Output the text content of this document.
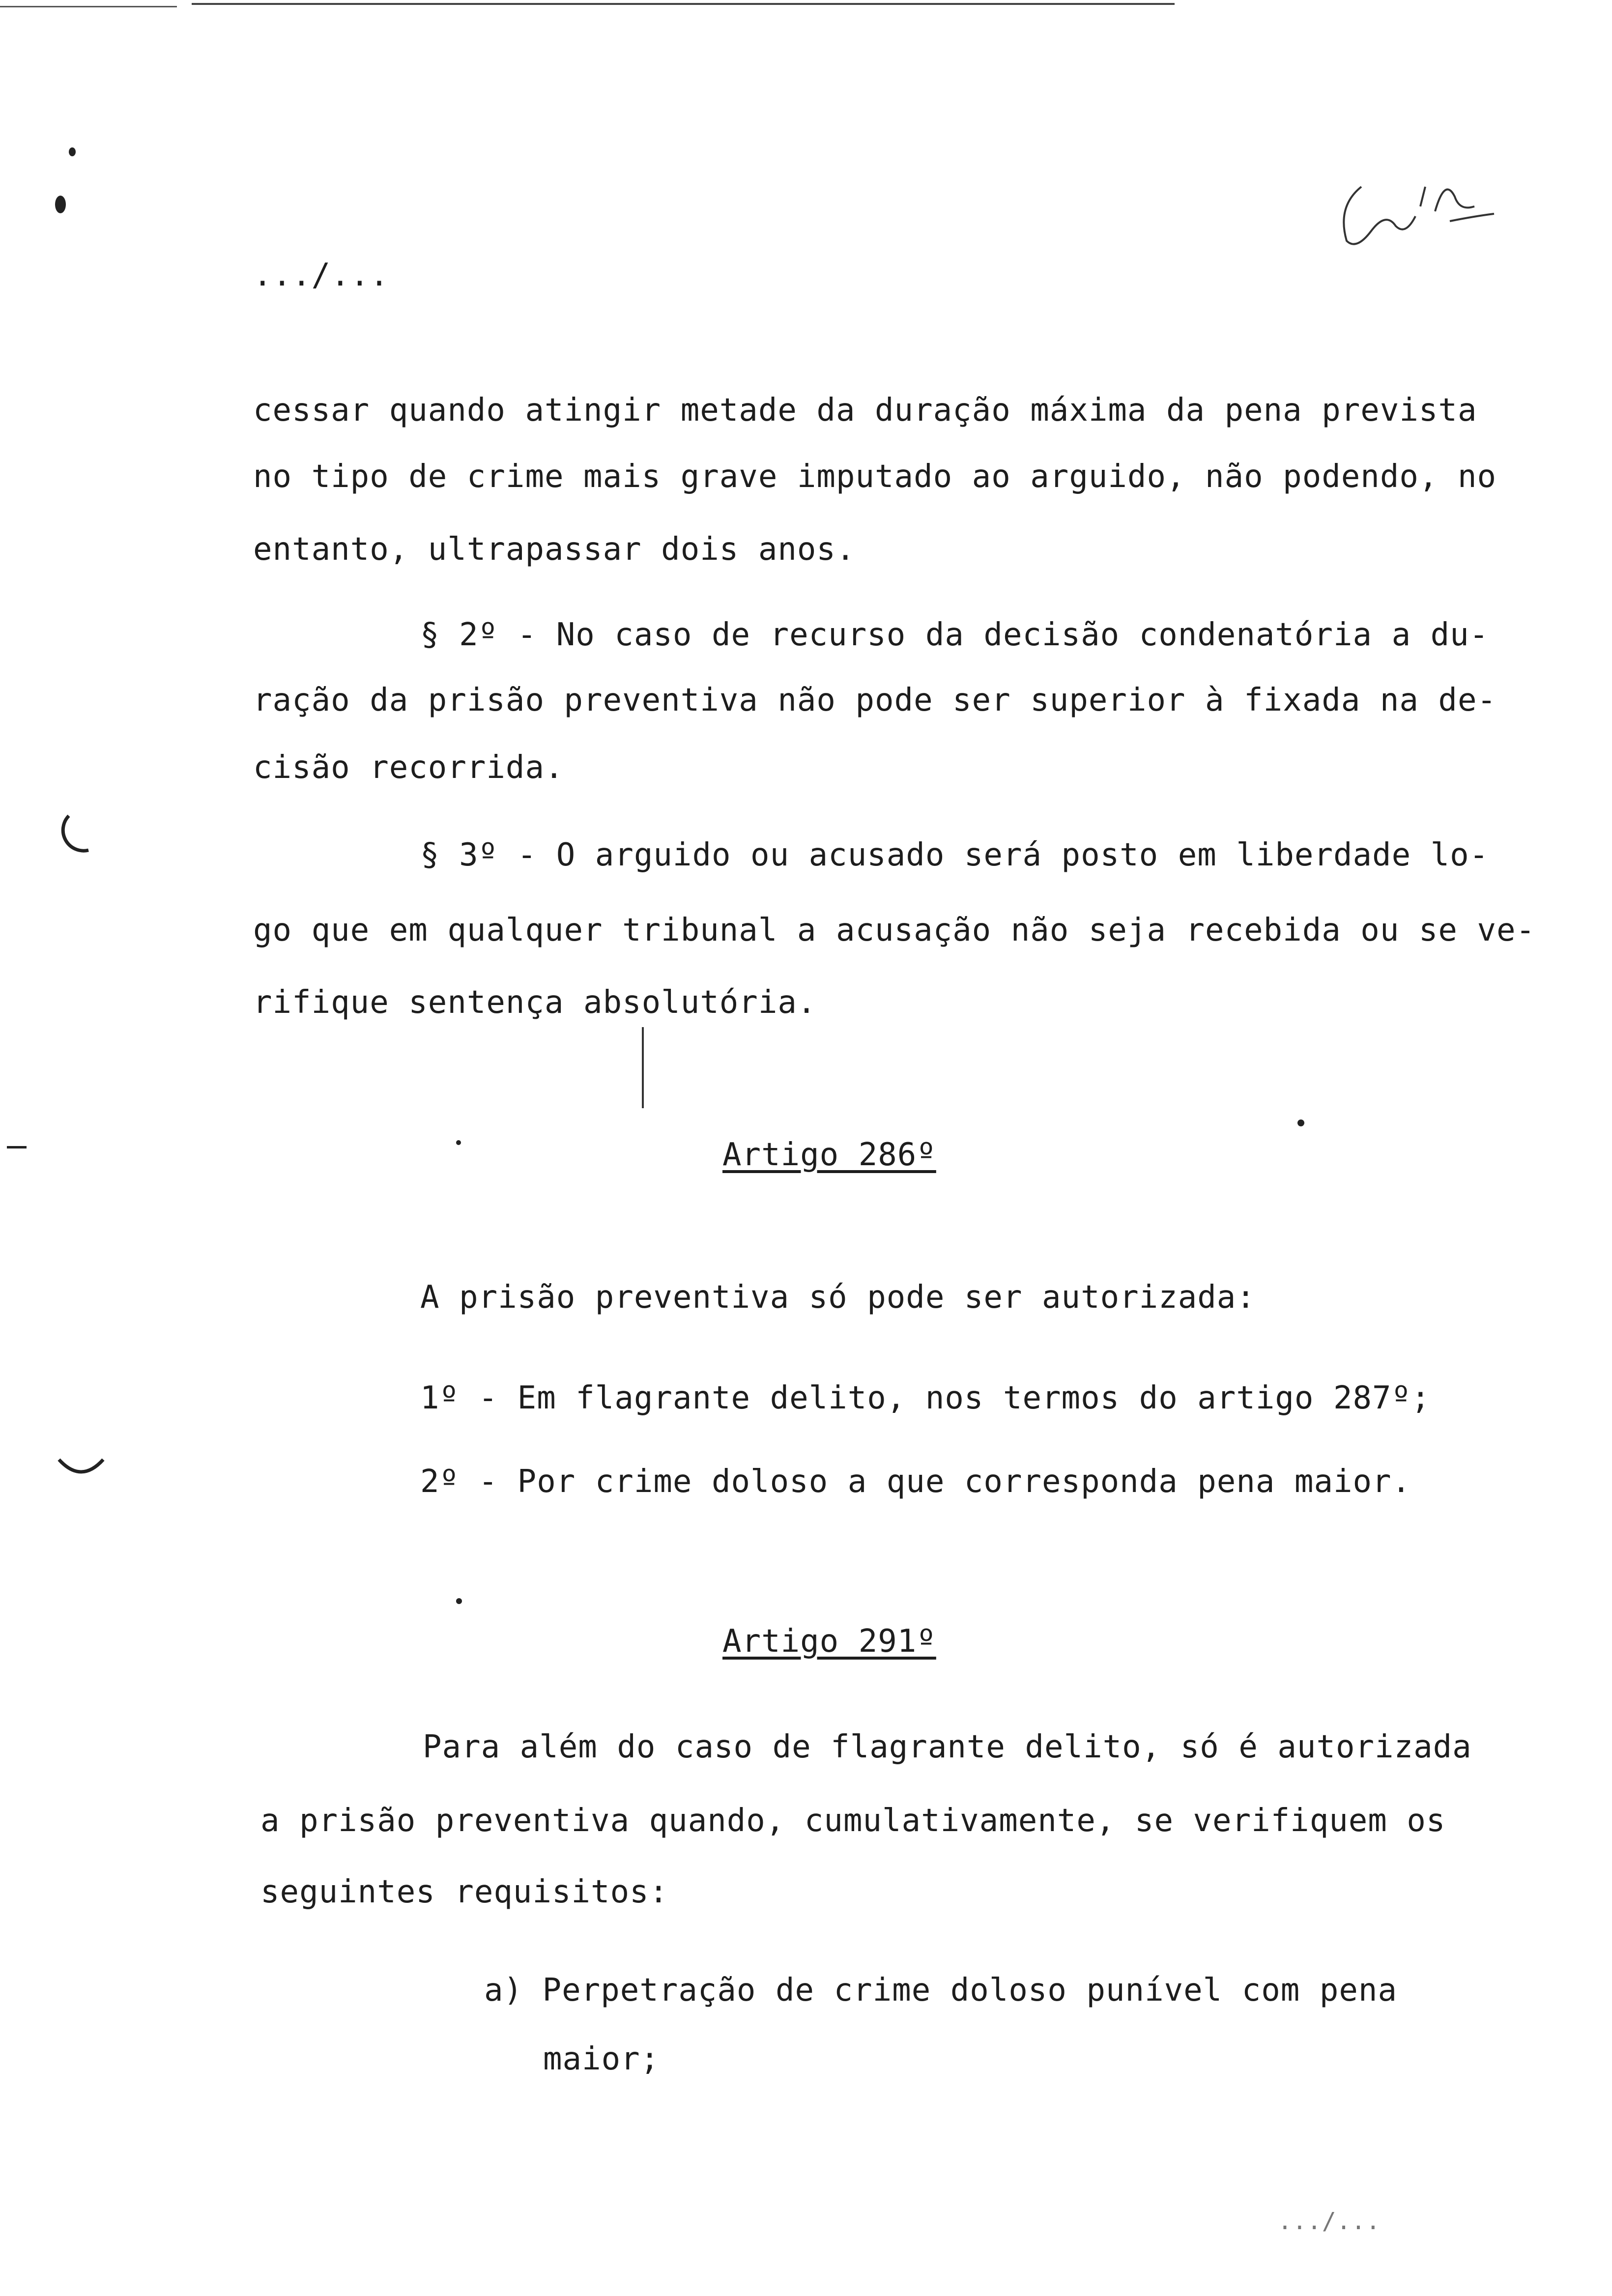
.../...
cessar quando atingir metade da duração máxima da pena prevista
no tipo de crime mais grave imputado ao arguido, não podendo, no
entanto, ultrapassar dois anos.
§ 2º - No caso de recurso da decisão condenatória a du-
ração da prisão preventiva não pode ser superior à fixada na de-
cisão recorrida.
§ 3º - O arguido ou acusado será posto em liberdade lo-
go que em qualquer tribunal a acusação não seja recebida ou se ve-
rifique sentença absolutória.
Artigo 286º
A prisão preventiva só pode ser autorizada:
1º - Em flagrante delito, nos termos do artigo 287º;
2º - Por crime doloso a que corresponda pena maior.
Artigo 291º
Para além do caso de flagrante delito, só é autorizada
a prisão preventiva quando, cumulativamente, se verifiquem os
seguintes requisitos:
a) Perpetração de crime doloso punível com pena
maior;
.../...
